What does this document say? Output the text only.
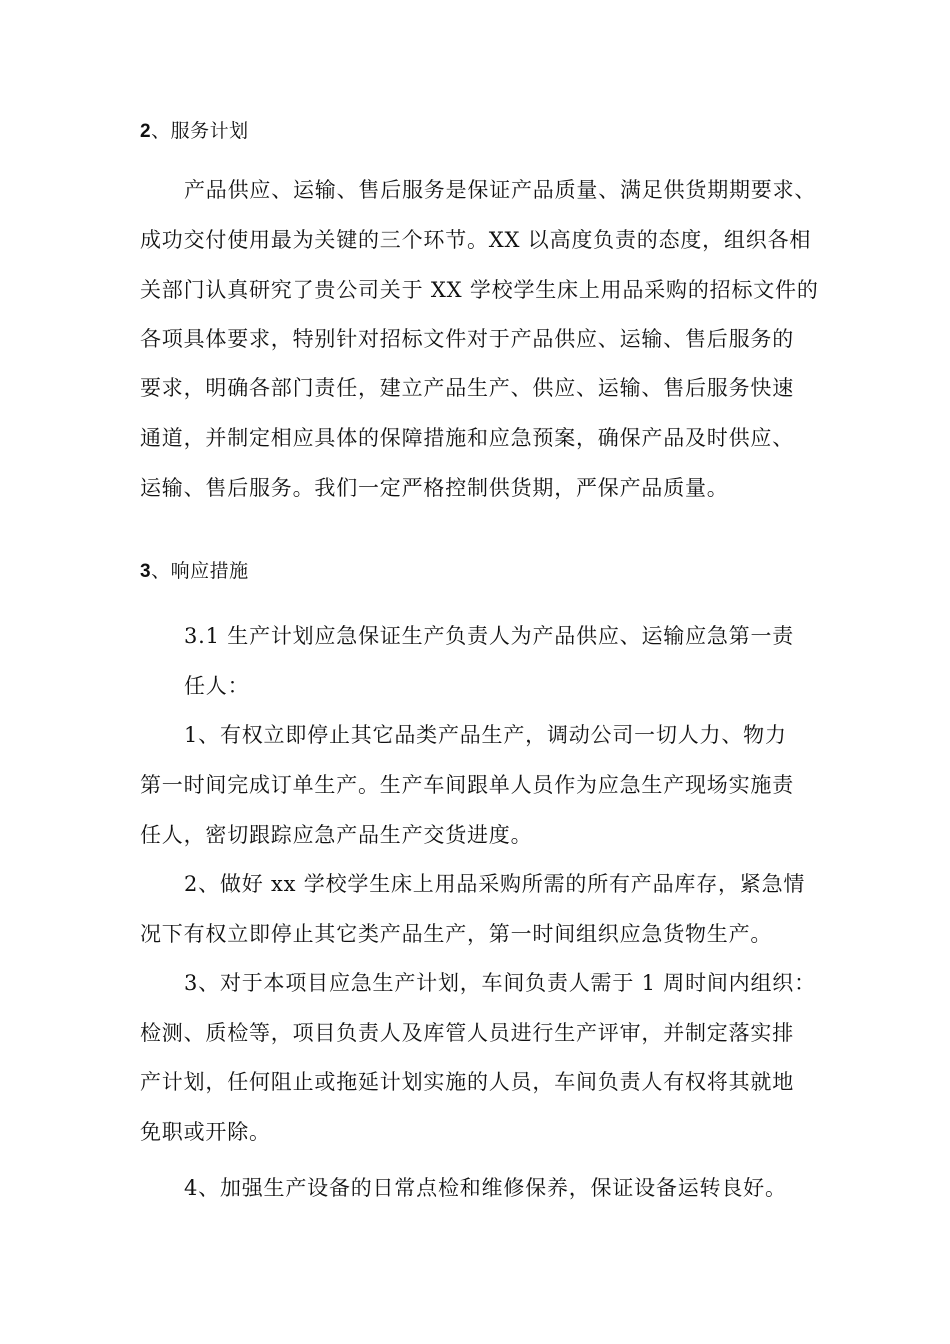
2、服务计划
产品供应、运输、售后服务是保证产品质量、满足供货期期要求、
成功交付使用最为关键的三个环节。XX 以高度负责的态度，组织各相
关部门认真研究了贵公司关于 XX 学校学生床上用品采购的招标文件的
各项具体要求，特别针对招标文件对于产品供应、运输、售后服务的
要求，明确各部门责任，建立产品生产、供应、运输、售后服务快速
通道，并制定相应具体的保障措施和应急预案，确保产品及时供应、
运输、售后服务。我们一定严格控制供货期，严保产品质量。
3、响应措施
3.1 生产计划应急保证生产负责人为产品供应、运输应急第一责
任人：
1、有权立即停止其它品类产品生产，调动公司一切人力、物力
第一时间完成订单生产。生产车间跟单人员作为应急生产现场实施责
任人，密切跟踪应急产品生产交货进度。
2、做好 xx 学校学生床上用品采购所需的所有产品库存，紧急情
况下有权立即停止其它类产品生产，第一时间组织应急货物生产。
3、对于本项目应急生产计划，车间负责人需于 1 周时间内组织：
检测、质检等，项目负责人及库管人员进行生产评审，并制定落实排
产计划，任何阻止或拖延计划实施的人员，车间负责人有权将其就地
免职或开除。
4、加强生产设备的日常点检和维修保养，保证设备运转良好。
